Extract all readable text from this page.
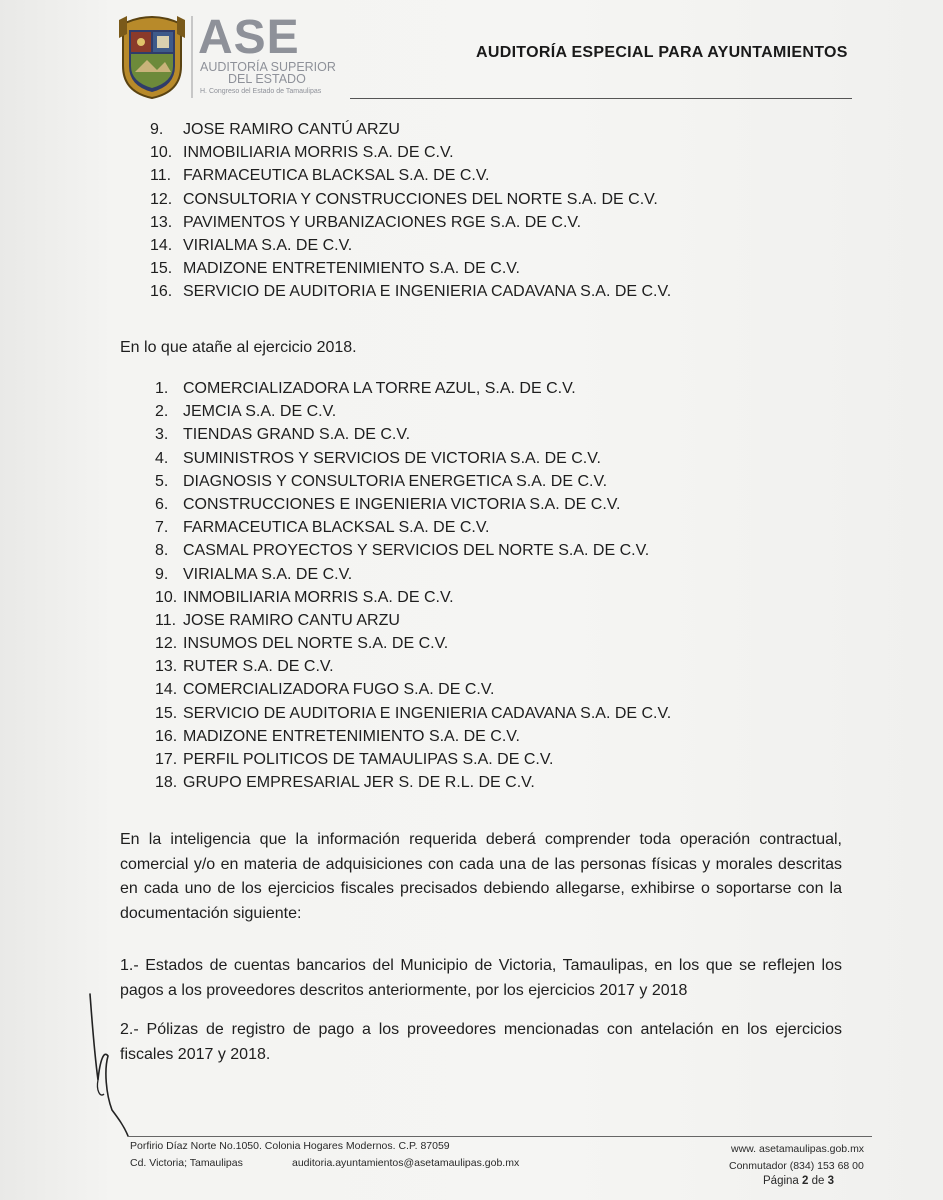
ASE
AUDITORÍA SUPERIOR
DEL ESTADO
H. Congreso del Estado de Tamaulipas
AUDITORÍA ESPECIAL PARA AYUNTAMIENTOS
9. JOSE RAMIRO CANTÚ ARZU
10. INMOBILIARIA MORRIS S.A. DE C.V.
11. FARMACEUTICA BLACKSAL S.A. DE C.V.
12. CONSULTORIA Y CONSTRUCCIONES DEL NORTE S.A. DE C.V.
13. PAVIMENTOS Y URBANIZACIONES RGE S.A. DE C.V.
14. VIRIALMA S.A. DE C.V.
15. MADIZONE ENTRETENIMIENTO S.A. DE C.V.
16. SERVICIO DE AUDITORIA E INGENIERIA CADAVANA S.A. DE C.V.
En lo que atañe al ejercicio 2018.
1. COMERCIALIZADORA LA TORRE AZUL, S.A. DE C.V.
2. JEMCIA S.A. DE C.V.
3. TIENDAS GRAND S.A. DE C.V.
4. SUMINISTROS Y SERVICIOS DE VICTORIA S.A. DE C.V.
5. DIAGNOSIS Y CONSULTORIA ENERGETICA S.A. DE C.V.
6. CONSTRUCCIONES E INGENIERIA VICTORIA S.A. DE C.V.
7. FARMACEUTICA BLACKSAL S.A. DE C.V.
8. CASMAL PROYECTOS Y SERVICIOS DEL NORTE S.A. DE C.V.
9. VIRIALMA S.A. DE C.V.
10. INMOBILIARIA MORRIS S.A. DE C.V.
11. JOSE RAMIRO CANTU ARZU
12. INSUMOS DEL NORTE S.A. DE C.V.
13. RUTER S.A. DE C.V.
14. COMERCIALIZADORA FUGO S.A. DE C.V.
15. SERVICIO DE AUDITORIA E INGENIERIA CADAVANA S.A. DE C.V.
16. MADIZONE ENTRETENIMIENTO S.A. DE C.V.
17. PERFIL POLITICOS DE TAMAULIPAS S.A. DE C.V.
18. GRUPO EMPRESARIAL JER S. DE R.L. DE C.V.
En la inteligencia que la información requerida deberá comprender toda operación contractual, comercial y/o en materia de adquisiciones con cada una de las personas físicas y morales descritas en cada uno de los ejercicios fiscales precisados debiendo allegarse, exhibirse o soportarse con la documentación siguiente:
1.- Estados de cuentas bancarios del Municipio de Victoria, Tamaulipas, en los que se reflejen los pagos a los proveedores descritos anteriormente, por los ejercicios 2017 y 2018
2.- Pólizas de registro de pago a los proveedores mencionadas con antelación en los ejercicios fiscales 2017 y 2018.
Porfirio Díaz Norte No.1050. Colonia Hogares Modernos. C.P. 87059
Cd. Victoria; Tamaulipas	auditoria.ayuntamientos@asetamaulipas.gob.mx
www. asetamaulipas.gob.mx
Conmutador (834) 153 68 00
Página 2 de 3
